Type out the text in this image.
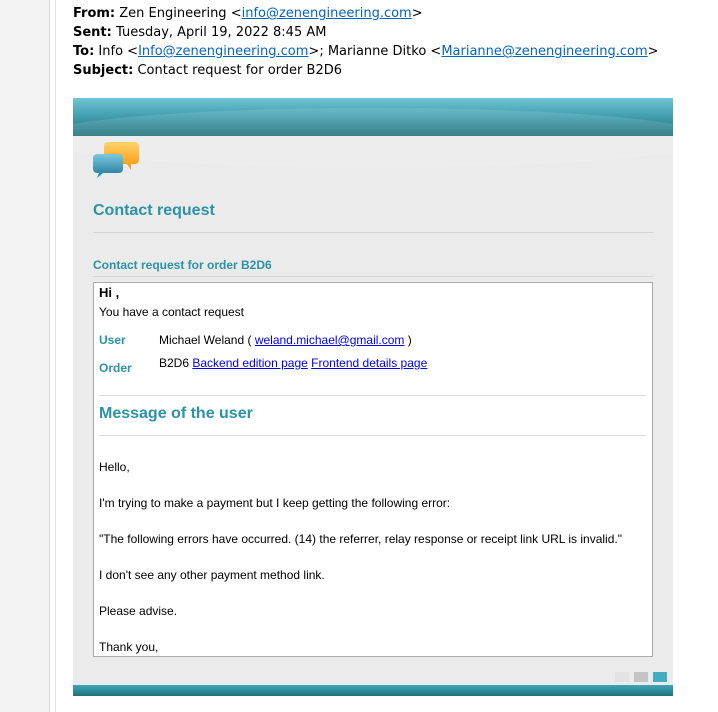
From: Zen Engineering <info@zenengineering.com>
Sent: Tuesday, April 19, 2022 8:45 AM
To: Info <Info@zenengineering.com>; Marianne Ditko <Marianne@zenengineering.com>
Subject: Contact request for order B2D6
Contact request
Contact request for order B2D6
Hi ,
You have a contact request
User	Michael Weland ( weland.michael@gmail.com )
Order B2D6 Backend edition page Frontend details page
Message of the user
Hello,
I'm trying to make a payment but I keep getting the following error:
"The following errors have occurred. (14) the referrer, relay response or receipt link URL is invalid."
I don't see any other payment method link.
Please advise.
Thank you,
